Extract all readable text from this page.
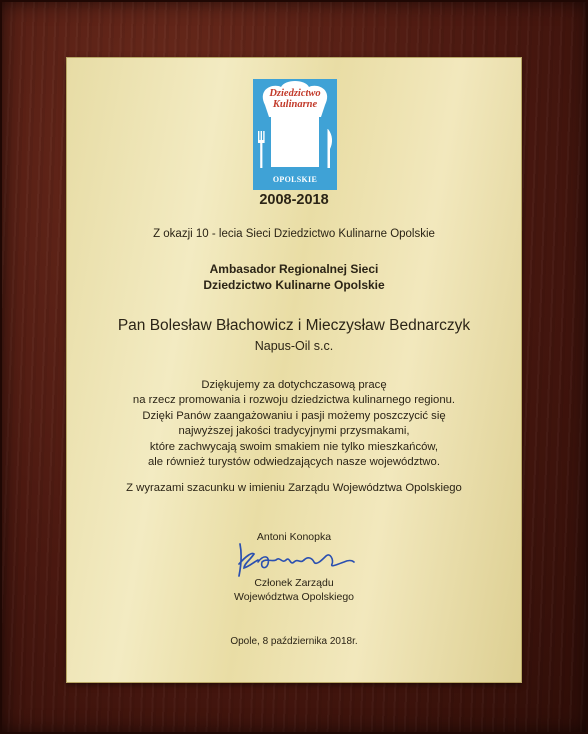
Dziedzictwo
Kulinarne
OPOLSKIE
2008-2018
Z okazji 10 - lecia Sieci Dziedzictwo Kulinarne Opolskie
Ambasador Regionalnej Sieci
Dziedzictwo Kulinarne Opolskie
Pan Bolesław Błachowicz i Mieczysław Bednarczyk
Napus-Oil s.c.
Dziękujemy za dotychczasową pracę
na rzecz promowania i rozwoju dziedzictwa kulinarnego regionu.
Dzięki Panów zaangażowaniu i pasji możemy poszczycić się
najwyższej jakości tradycyjnymi przysmakami,
które zachwycają swoim smakiem nie tylko mieszkańców,
ale również turystów odwiedzających nasze województwo.
Z wyrazami szacunku w imieniu Zarządu Województwa Opolskiego
Antoni Konopka
Członek Zarządu
Województwa Opolskiego
Opole, 8 października 2018r.
